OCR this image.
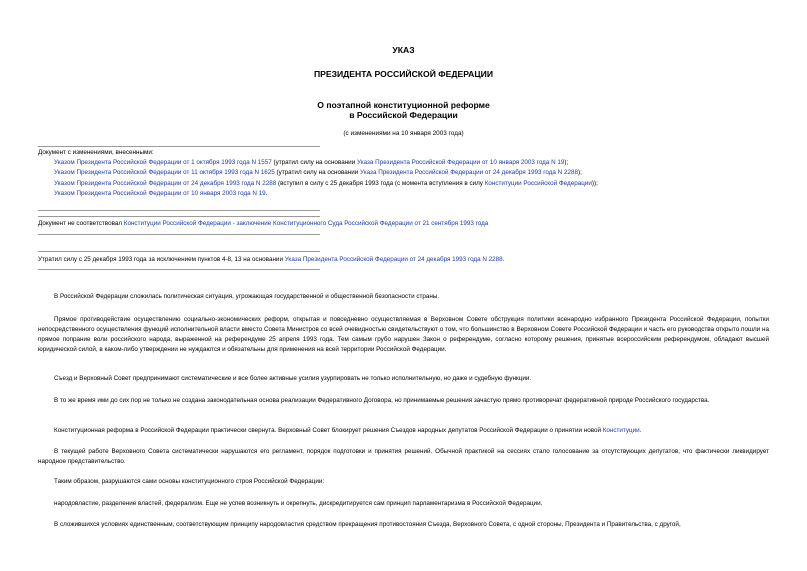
УКАЗ
ПРЕЗИДЕНТА РОССИЙСКОЙ ФЕДЕРАЦИИ
О поэтапной конституционной реформе
в Российской Федерации
(с изменениями на 10 января 2003 года)
Документ с изменениями, внесенными:
Указом Президента Российской Федерации от 1 октября 1993 года N 1557 (утратил силу на основании Указа Президента Российской Федерации от 10 января 2003 года N 19);
Указом Президента Российской Федерации от 11 октября 1993 года N 1625 (утратил силу на основании Указа Президента Российской Федерации от 24 декабря 1993 года N 2288);
Указом Президента Российской Федерации от 24 декабря 1993 года N 2288 (вступил в силу с 25 декабря 1993 года (с момента вступления в силу Конституции Российской Федерации));
Указом Президента Российской Федерации от 10 января 2003 года N 19.
Документ не соответствовал Конституции Российской Федерации - заключение Конституционного Суда Российской Федерации от 21 сентября 1993 года
Утратил силу с 25 декабря 1993 года за исключением пунктов 4-8, 13 на основании Указа Президента Российской Федерации от 24 декабря 1993 года N 2288.
В Российской Федерации сложилась политическая ситуация, угрожающая государственной и общественной безопасности страны.
Прямое противодействие осуществлению социально-экономических реформ, открытая и повседневно осуществляемая в Верховном Совете обструкция политики всенародно избранного Президента Российской Федерации, попытки непосредственного осуществления функций исполнительной власти вместо Совета Министров со всей очевидностью свидетельствуют о том, что большинство в Верховном Совете Российской Федерации и часть его руководства открыто пошли на прямое попрание воли российского народа, выраженной на референдуме 25 апреля 1993 года. Тем самым грубо нарушен Закон о референдуме, согласно которому решения, принятые всероссийским референдумом, обладают высшей юридической силой, в каком-либо утверждении не нуждаются и обязательны для применения на всей территории Российской Федерации.
Съезд и Верховный Совет предпринимают систематические и все более активные усилия узурпировать не только исполнительную, но даже и судебную функции.
В то же время ими до сих пор не только не создана законодательная основа реализации Федеративного Договора, но принимаемые решения зачастую прямо противоречат федеративной природе Российского государства.
Конституционная реформа в Российской Федерации практически свернута. Верховный Совет блокирует решения Съездов народных депутатов Российской Федерации о принятии новой Конституции.
В текущей работе Верховного Совета систематически нарушаются его регламент, порядок подготовки и принятия решений. Обычной практикой на сессиях стало голосование за отсутствующих депутатов, что фактически ликвидирует народное представительство.
Таким образом, разрушаются сами основы конституционного строя Российской Федерации:
народовластие, разделение властей, федерализм. Еще не успев возникнуть и окрепнуть, дискредитируется сам принцип парламентаризма в Российской Федерации.
В сложившихся условиях единственным, соответствующим принципу народовластия средством прекращения противостояния Съезда, Верховного Совета, с одной стороны, Президента и Правительства, с другой,
